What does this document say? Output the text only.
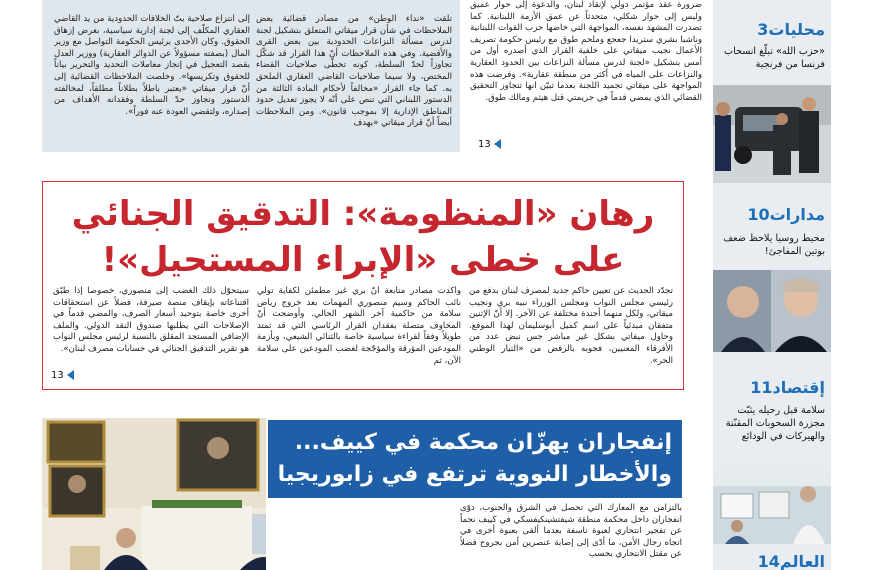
محليات3
«حزب الله» تبلّغ انسحاب فرنسا من فرنجية
مدارات10
محيط روسيا يلاحظ ضعف بوتين المفاجئ!
إقتصاد11
سلامة قبل رحيله يثبّت مجزرة السحوبات المقنّنة والهيركات في الودائع
العالم14
ضرورة عقد مؤتمر دولي لإنقاذ لبنان، والدعوة إلى حوار عميق وليس إلى حوار شكلي، متحدثاً عن عمق الأزمة اللبنانية. كما تصدرت المشهد نفسه، المواجهة التي خاضها حزب القوات اللبنانية وناشبا بشري ستريدا جعجع وملحم طوق مع رئيس حكومة تصريف الأعمال نجيب ميقاتي على خلفية القرار الذي أصدره أول من أمس بتشكيل «لجنة لدرس مسألة النزاعات بين الحدود العقارية والنزاعات على المياه في أكثر من منطقة عقارية». وفرضت هذه المواجهة على ميقاتي تجميد اللجنة بعدما تبيّن انها تتجاوز التحقيق القضائي الذي يمضي قدماً في جريمتي قتل هيثم ومالك طوق.
13
تلقت «نداء الوطن» من مصادر قضائية بعض الملاحظات في شأن قرار ميقاتي المتعلق بتشكيل لجنة لدرس مسألة النزاعات الحدودية بين بعض القرى والأقضية. وفي هذه الملاحظات أنّ هذا القرار قد شكّل تجاوزاً لحدّ السلطة، كونه تخطّى صلاحيات القضاء المختص، ولا سيما صلاحيات القاضي العقاري الملحق به. كما جاء القرار «مخالفاً لأحكام المادة الثالثة من الدستور اللبناني التي تنص على أنّه لا يجوز تعديل حدود المناطق الإدارية إلا بموجب قانون». ومن الملاحظات أيضاً أنّ قرار ميقاتي «يهدف
إلى انتزاع صلاحية بتّ الخلافات الحدودية من يد القاضي العقاري المكلّف إلى لجنة إدارية سياسية، بغرض إزهاق الحقوق. وكان الأجدى برئيس الحكومة التواصل مع وزير المال (بصفته مسؤولاً عن الدوائر العقارية) ووزير العدل بقصد التعجيل في إنجاز معاملات التحديد والتحرير بياناً للحقوق وتكريسها». وخلصت الملاحظات القضائية إلى أنّ قرار ميقاتي «يعتبر باطلاً بطلاناً مطلقاً، لمخالفته الدستور وتجاوز حدّ السلطة وفقدانه الأهداف من إصداره، ولتقضي العودة عنه فوراً».
رهان «المنظومة»: التدقيق الجنائي
على خطى «الإبراء المستحيل»!
تجدّد الحديث عن تعيين حاكم جديد لمصرف لبنان بدفع من رئيسي مجلس النواب ومجلس الوزراء نبيه بري ونجيب ميقاتي، ولكل منهما أجندة مختلفة عن الآخر. إلا أنّ الإثنين متفقان مبدئياً على اسم كميل أبوسليمان لهذا الموقع. وحاول ميقاتي بشكل غير مباشر جس نبض عدد من الأفرقاء المعنيين، فجوبه بالرفض من «التيار الوطني الحر».
وأكدت مصادر متابعة أنّ بري غير مطمئن لكفاية تولي نائب الحاكم وسيم منصوري المهمات بعد خروج رياض سلامة من حاكمية آخر الشهر الحالي. وأوضحت أنّ المخاوف متصلة بفقدان القرار الرئاسي التي قد تمتد طويلاً وفقاً لقراءة سياسية خاصة بالثنائي الشيعي، وبأزمة المودعين المؤرقة والمؤجّجة لغضب المودعين على سلامة الآن، ثم
سيتحوّل ذلك الغضب إلى منصوري، خصوصاً إذا طُبّق اقتناعاته بإيقاف منصة صيرفة، فضلاً عن استحقاقات أخرى خاصة بتوحيد أسعار الصرف، والمضي قدماً في الإصلاحات التي يطلبها صندوق النقد الدولي. والملف الإضافي المستجد المقلق بالنسبة لرئيس مجلس النواب هو تقرير التدقيق الجنائي في حسابات مصرف لبنان».
13
إنفجاران يهزّان محكمة في كييف...
والأخطار النووية ترتفع في زابوريجيا
بالتزامن مع المعارك التي تحصل في الشرق والجنوب، دوّى انفجاران داخل محكمة منطقة شيفتشينكيفسكي في كييف نجماً عن تفجير انتحاري لعبوة ناسفة بعدما ألقى بعبوة أخرى في اتجاه رجال الأمن، ما أدّى إلى إصابة عنصرين أمن بجروح فضلاً عن مقتل الانتحاري بحسب
